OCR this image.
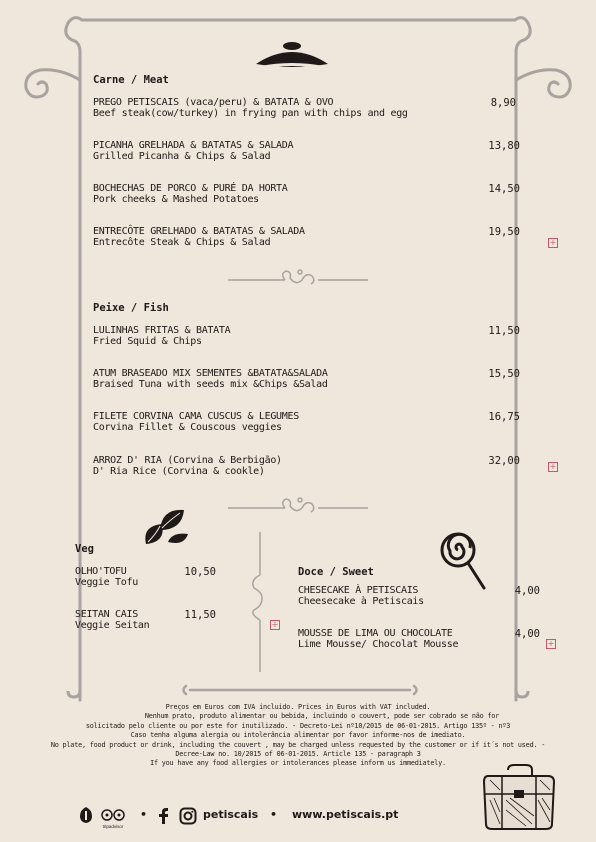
Carne / Meat
PREGO PETISCAIS (vaca/peru) & BATATA & OVO
Beef steak(cow/turkey) in frying pan with chips and egg
8,90
PICANHA GRELHADA & BATATAS & SALADA
Grilled Picanha & Chips & Salad
13,80
BOCHECHAS DE PORCO & PURÉ DA HORTA
Pork cheeks & Mashed Potatoes
14,50
ENTRECÔTE GRELHADO & BATATAS & SALADA
Entrecôte Steak & Chips & Salad
19,50
+
Peixe / Fish
LULINHAS FRITAS & BATATA
Fried Squid & Chips
11,50
ATUM BRASEADO MIX SEMENTES &BATATA&SALADA
Braised Tuna with seeds mix &Chips &Salad
15,50
FILETE CORVINA CAMA CUSCUS & LEGUMES
Corvina Fillet & Couscous veggies
16,75
ARROZ D' RIA (Corvina & Berbigão)
D' Ria Rice (Corvina & cookle)
32,00	+
Veg
OLHO'TOFU
Veggie Tofu
10,50
SEITAN CAIS
Veggie Seitan
11,50
+
Doce / Sweet
CHESECAKE À PETISCAIS
Cheesecake à Petiscais
4,00
MOUSSE DE LIMA OU CHOCOLATE
Lime Mousse/ Chocolat Mousse
4,00
+
Preços em Euros com IVA incluido. Prices in Euros with VAT included.
Nenhum prato, produto alimentar ou bebida, incluindo o couvert, pode ser cobrado se não for
solicitado pelo cliente ou por este for inutilizado. - Decreto-Lei nº10/2015 de 06-01-2015. Artigo 135º - nº3
Caso tenha alguma alergia ou intolerância alimentar por favor informe-nos de imediato.
No plate, food product or drink, including the couvert , may be charged unless requested by the customer or if it´s not used. -
Decree-Law no. 10/2015 of 06-01-2015. Article 135 - paragraph 3
If you have any food allergies or intolerances please inform us immediately.
tripadvisor
•	petiscais • www.petiscais.pt
